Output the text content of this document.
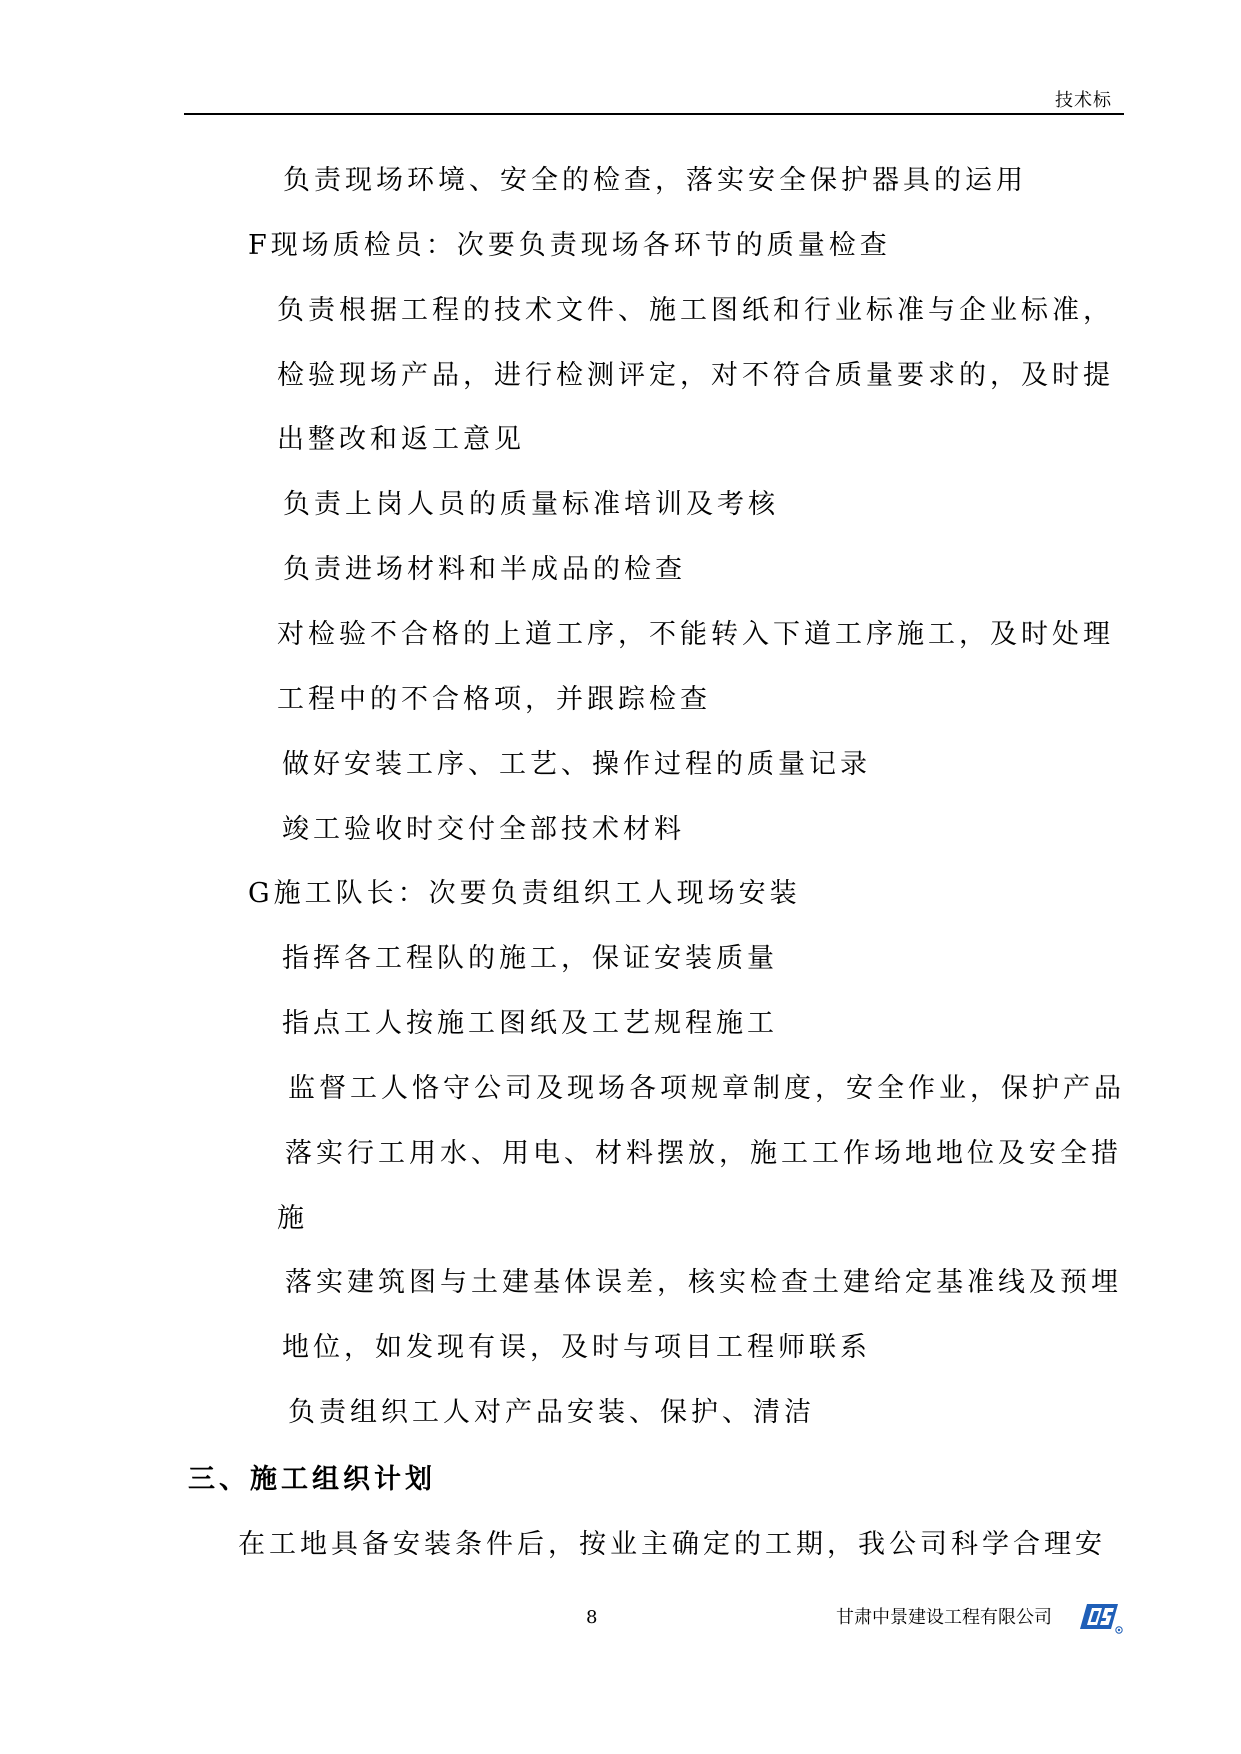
技术标
负责现场环境、安全的检查，落实安全保护器具的运用
F现场质检员：次要负责现场各环节的质量检查
负责根据工程的技术文件、施工图纸和行业标准与企业标准，
检验现场产品，进行检测评定，对不符合质量要求的，及时提
出整改和返工意见
负责上岗人员的质量标准培训及考核
负责进场材料和半成品的检查
对检验不合格的上道工序，不能转入下道工序施工，及时处理
工程中的不合格项，并跟踪检查
做好安装工序、工艺、操作过程的质量记录
竣工验收时交付全部技术材料
G施工队长：次要负责组织工人现场安装
指挥各工程队的施工，保证安装质量
指点工人按施工图纸及工艺规程施工
监督工人恪守公司及现场各项规章制度，安全作业，保护产品
落实行工用水、用电、材料摆放，施工工作场地地位及安全措
施
落实建筑图与土建基体误差，核实检查土建给定基准线及预埋
地位，如发现有误，及时与项目工程师联系
负责组织工人对产品安装、保护、清洁
三、施工组织计划
在工地具备安装条件后，按业主确定的工期，我公司科学合理安
8	甘肃中景建设工程有限公司
